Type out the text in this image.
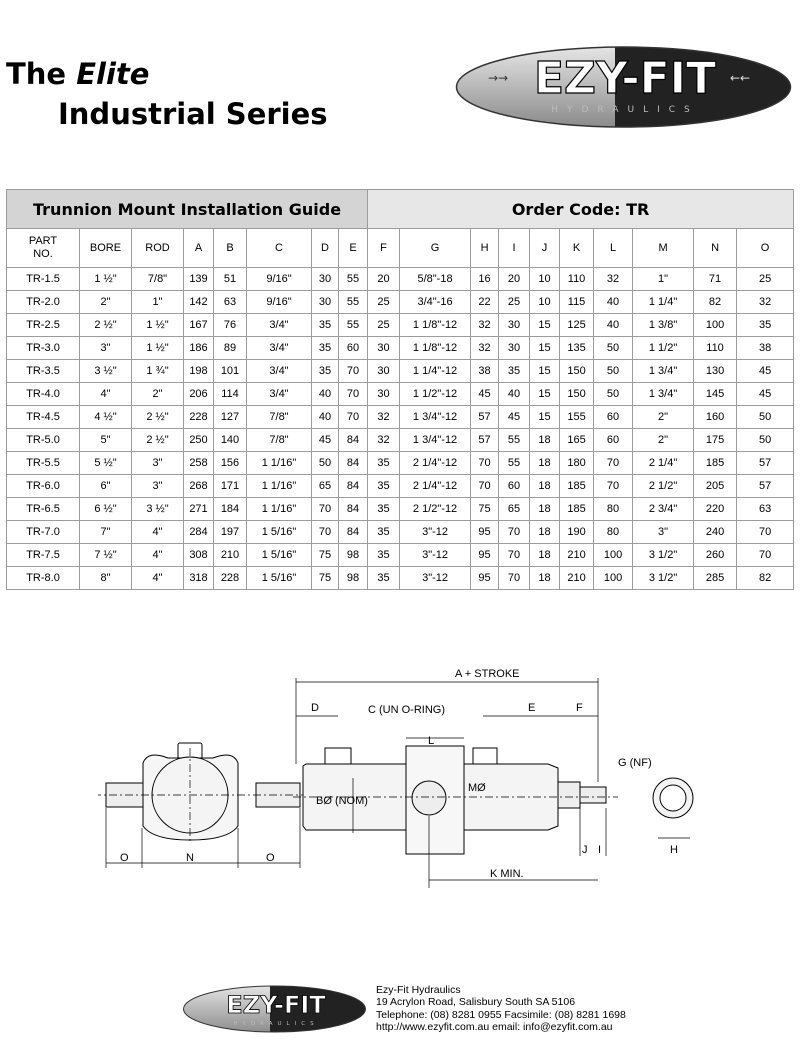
The Elite
Industrial Series
→→	←←
EZY-FIT
HYDRAULICS
Trunnion Mount Installation Guide								Order Code: TR									
PART
NO.	BORE	ROD	A	B	C	D	E	F	G	H	I	J	K	L	M	N	O
TR-1.5	1 ½"	7/8"	139	51	9/16"	30	55	20	5/8"-18	16	20	10	110	32	1"	71	25
TR-2.0	2"	1"	142	63	9/16"	30	55	25	3/4"-16	22	25	10	115	40	1 1/4"	82	32
TR-2.5	2 ½"	1 ½"	167	76	3/4"	35	55	25	1 1/8"-12	32	30	15	125	40	1 3/8"	100	35
TR-3.0	3"	1 ½"	186	89	3/4"	35	60	30	1 1/8"-12	32	30	15	135	50	1 1/2"	110	38
TR-3.5	3 ½"	1 ¾"	198	101	3/4"	35	70	30	1 1/4"-12	38	35	15	150	50	1 3/4"	130	45
TR-4.0	4"	2"	206	114	3/4"	40	70	30	1 1/2"-12	45	40	15	150	50	1 3/4"	145	45
TR-4.5	4 ½"	2 ½"	228	127	7/8"	40	70	32	1 3/4"-12	57	45	15	155	60	2"	160	50
TR-5.0	5"	2 ½"	250	140	7/8"	45	84	32	1 3/4"-12	57	55	18	165	60	2"	175	50
TR-5.5	5 ½"	3"	258	156	1 1/16"	50	84	35	2 1/4"-12	70	55	18	180	70	2 1/4"	185	57
TR-6.0	6"	3"	268	171	1 1/16"	65	84	35	2 1/4"-12	70	60	18	185	70	2 1/2"	205	57
TR-6.5	6 ½"	3 ½"	271	184	1 1/16"	70	84	35	2 1/2"-12	75	65	18	185	80	2 3/4"	220	63
TR-7.0	7"	4"	284	197	1 5/16"	70	84	35	3"-12	95	70	18	190	80	3"	240	70
TR-7.5	7 ½"	4"	308	210	1 5/16"	75	98	35	3"-12	95	70	18	210	100	3 1/2"	260	70
TR-8.0	8"	4"	318	228	1 5/16"	75	98	35	3"-12	95	70	18	210	100	3 1/2"	285	82
O	N	O
A + STROKE
D	C (UN O-RING)	E	F
L
G (NF)
MØ
BØ (NOM)
K MIN.
J I	H
EZY-FIT
HYDRAULICS
Ezy-Fit Hydraulics
19 Acrylon Road, Salisbury South SA 5106
Telephone: (08) 8281 0955 Facsimile: (08) 8281 1698
http://www.ezyfit.com.au email: info@ezyfit.com.au
